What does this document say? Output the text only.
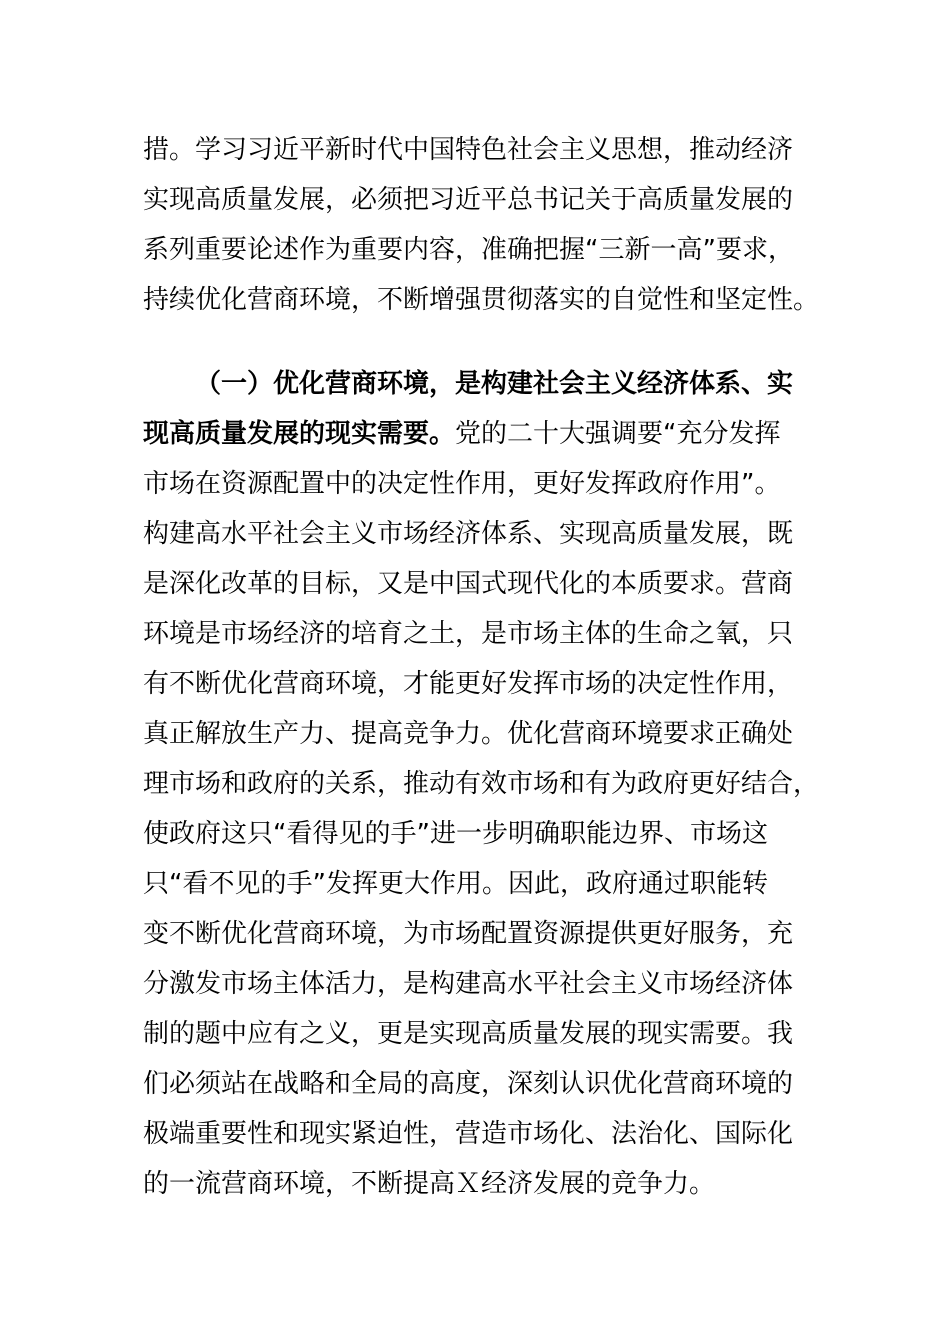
措。学习习近平新时代中国特色社会主义思想，推动经济
实现高质量发展，必须把习近平总书记关于高质量发展的
系列重要论述作为重要内容，准确把握“三新一高”要求，
持续优化营商环境，不断增强贯彻落实的自觉性和坚定性。
（一）优化营商环境，是构建社会主义经济体系、实
现高质量发展的现实需要。党的二十大强调要“充分发挥
市场在资源配置中的决定性作用，更好发挥政府作用”。
构建高水平社会主义市场经济体系、实现高质量发展，既
是深化改革的目标，又是中国式现代化的本质要求。营商
环境是市场经济的培育之土，是市场主体的生命之氧，只
有不断优化营商环境，才能更好发挥市场的决定性作用，
真正解放生产力、提高竞争力。优化营商环境要求正确处
理市场和政府的关系，推动有效市场和有为政府更好结合，
使政府这只“看得见的手”进一步明确职能边界、市场这
只“看不见的手”发挥更大作用。因此，政府通过职能转
变不断优化营商环境，为市场配置资源提供更好服务，充
分激发市场主体活力，是构建高水平社会主义市场经济体
制的题中应有之义，更是实现高质量发展的现实需要。我
们必须站在战略和全局的高度，深刻认识优化营商环境的
极端重要性和现实紧迫性，营造市场化、法治化、国际化
的一流营商环境，不断提高Ｘ经济发展的竞争力。
